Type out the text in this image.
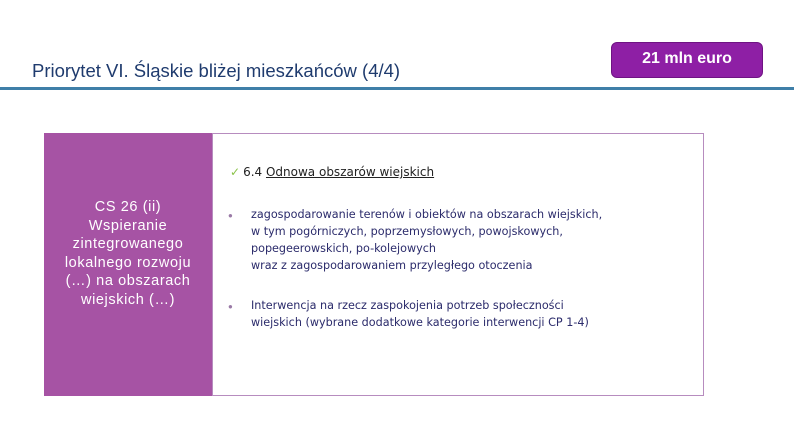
Priorytet VI. Śląskie bliżej mieszkańców (4/4)
21 mln euro
CS 26 (ii)
Wspieranie
zintegrowanego
lokalnego rozwoju
(…) na obszarach
wiejskich (…)
✓ 6.4 Odnowa obszarów wiejskich
● zagospodarowanie terenów i obiektów na obszarach wiejskich,
w tym pogórniczych, poprzemysłowych, powojskowych,
popegeerowskich, po-kolejowych
wraz z zagospodarowaniem przyległego otoczenia
● Interwencja na rzecz zaspokojenia potrzeb społeczności
wiejskich (wybrane dodatkowe kategorie interwencji CP 1-4)
